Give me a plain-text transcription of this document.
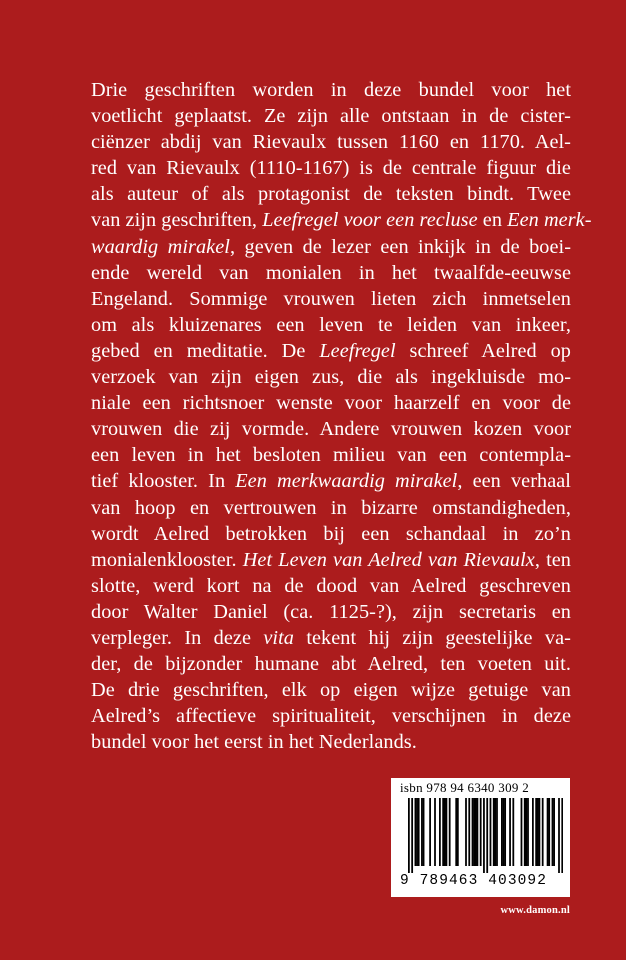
Drie geschriften worden in deze bundel voor het
voetlicht geplaatst. Ze zijn alle ontstaan in de cister-
ciënzer abdij van Rievaulx tussen 1160 en 1170. Ael-
red van Rievaulx (1110-1167) is de centrale figuur die
als auteur of als protagonist de teksten bindt. Twee
van zijn geschriften, Leefregel voor een recluse en Een merk-
waardig mirakel, geven de lezer een inkijk in de boei-
ende wereld van monialen in het twaalfde-eeuwse
Engeland. Sommige vrouwen lieten zich inmetselen
om als kluizenares een leven te leiden van inkeer,
gebed en meditatie. De Leefregel schreef Aelred op
verzoek van zijn eigen zus, die als ingekluisde mo-
niale een richtsnoer wenste voor haarzelf en voor de
vrouwen die zij vormde. Andere vrouwen kozen voor
een leven in het besloten milieu van een contempla-
tief klooster. In Een merkwaardig mirakel, een verhaal
van hoop en vertrouwen in bizarre omstandigheden,
wordt Aelred betrokken bij een schandaal in zo’n
monialenklooster. Het Leven van Aelred van Rievaulx, ten
slotte, werd kort na de dood van Aelred geschreven
door Walter Daniel (ca. 1125-?), zijn secretaris en
verpleger. In deze vita tekent hij zijn geestelijke va-
der, de bijzonder humane abt Aelred, ten voeten uit.
De drie geschriften, elk op eigen wijze getuige van
Aelred’s affectieve spiritualiteit, verschijnen in deze
bundel voor het eerst in het Nederlands.
isbn 978 94 6340 309 2
9 789463 403092
www.damon.nl
